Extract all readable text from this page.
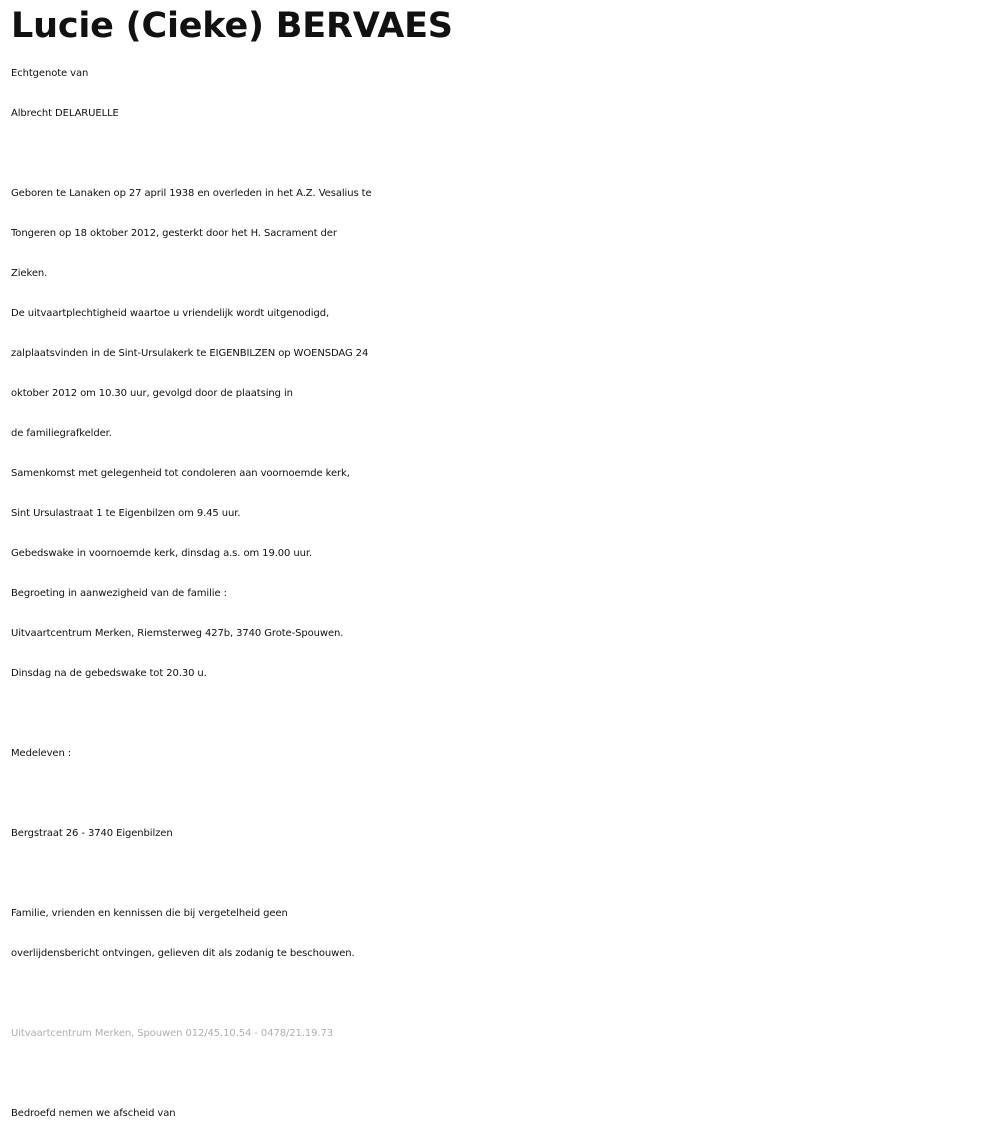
Lucie (Cieke) BERVAES
Echtgenote van
Albrecht DELARUELLE
Geboren te Lanaken op 27 april 1938 en overleden in het A.Z. Vesalius te
Tongeren op 18 oktober 2012, gesterkt door het H. Sacrament der
Zieken.
De uitvaartplechtigheid waartoe u vriendelijk wordt uitgenodigd,
zalplaatsvinden in de Sint-Ursulakerk te EIGENBILZEN op WOENSDAG 24
oktober 2012 om 10.30 uur, gevolgd door de plaatsing in
de familiegrafkelder.
Samenkomst met gelegenheid tot condoleren aan voornoemde kerk,
Sint Ursulastraat 1 te Eigenbilzen om 9.45 uur.
Gebedswake in voornoemde kerk, dinsdag a.s. om 19.00 uur.
Begroeting in aanwezigheid van de familie :
Uitvaartcentrum Merken, Riemsterweg 427b, 3740 Grote-Spouwen.
Dinsdag na de gebedswake tot 20.30 u.
Medeleven :
Bergstraat 26 - 3740 Eigenbilzen
Familie, vrienden en kennissen die bij vergetelheid geen
overlijdensbericht ontvingen, gelieven dit als zodanig te beschouwen.
Uitvaartcentrum Merken, Spouwen 012/45.10.54 - 0478/21.19.73
Bedroefd nemen we afscheid van
